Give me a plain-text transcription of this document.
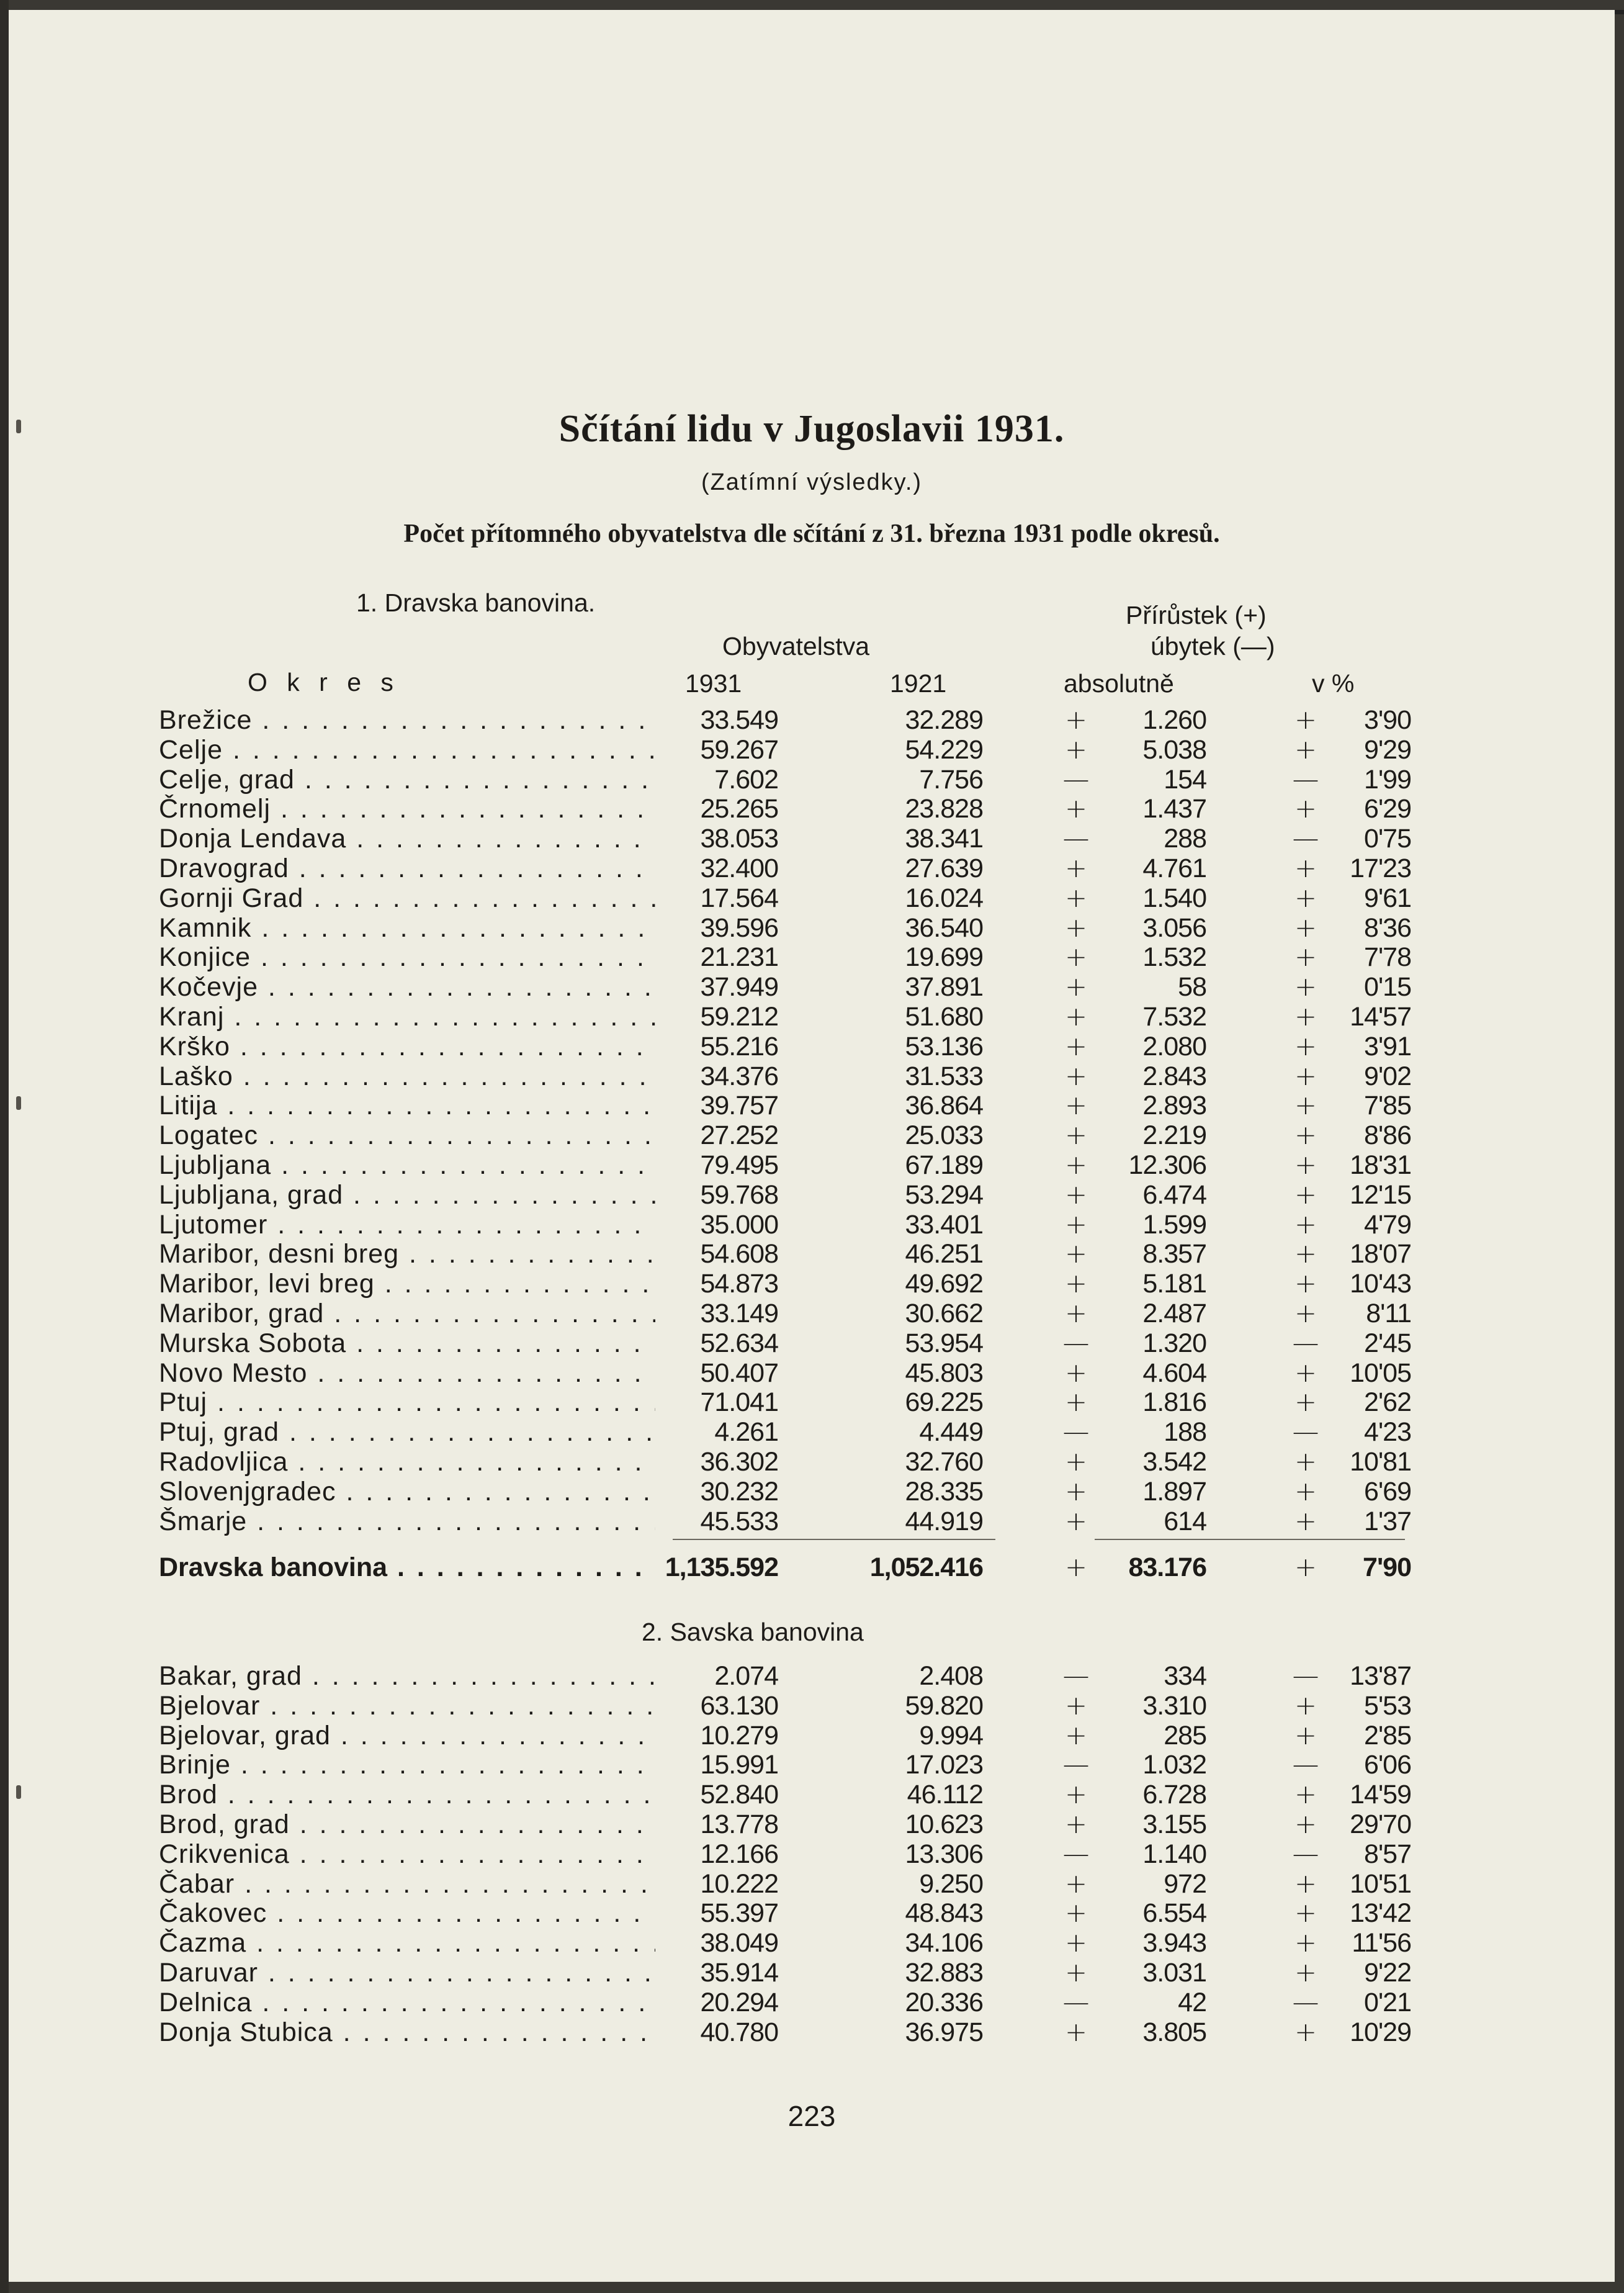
Sčítání lidu v Jugoslavii 1931.
(Zatímní výsledky.)
Počet přítomného obyvatelstva dle sčítání z 31. března 1931 podle okresů.
1. Dravska banovina.	Přírůstek (+)
Obyvatelstva	úbytek (—)
O k r e s	1931	1921	absolutně	v %
Brežice . . .	33.549	32.289	+	1.260	+	3'90
Celje . . .	59.267	54.229	+	5.038	+	9'29
Celje, grad . . .	7.602	7.756	—	154	—	1'99
Črnomelj . . .	25.265	23.828	+	1.437	+	6'29
Donja Lendava . . .	38.053	38.341	—	288	—	0'75
Dravograd . . .	32.400	27.639	+	4.761	+	17'23
Gornji Grad . . .	17.564	16.024	+	1.540	+	9'61
Kamnik . . .	39.596	36.540	+	3.056	+	8'36
Konjice . . .	21.231	19.699	+	1.532	+	7'78
Kočevje . . .	37.949	37.891	+	58	+	0'15
Kranj . . .	59.212	51.680	+	7.532	+	14'57
Krško . . .	55.216	53.136	+	2.080	+	3'91
Laško . . .	34.376	31.533	+	2.843	+	9'02
Litija . . .	39.757	36.864	+	2.893	+	7'85
Logatec . . .	27.252	25.033	+	2.219	+	8'86
Ljubljana . . .	79.495	67.189	+	12.306	+	18'31
Ljubljana, grad . . .	59.768	53.294	+	6.474	+	12'15
Ljutomer . . .	35.000	33.401	+	1.599	+	4'79
Maribor, desni breg . . .	54.608	46.251	+	8.357	+	18'07
Maribor, levi breg . . .	54.873	49.692	+	5.181	+	10'43
Maribor, grad . . .	33.149	30.662	+	2.487	+	8'11
Murska Sobota . . .	52.634	53.954	—	1.320	—	2'45
Novo Mesto . . .	50.407	45.803	+	4.604	+	10'05
Ptuj . . .	71.041	69.225	+	1.816	+	2'62
Ptuj, grad . . .	4.261	4.449	—	188	—	4'23
Radovljica . . .	36.302	32.760	+	3.542	+	10'81
Slovenjgradec . . .	30.232	28.335	+	1.897	+	6'69
Šmarje . . .	45.533	44.919	+	614	+	1'37
Dravska banovina . . .	1,135.592	1,052.416	+	83.176	+	7'90
2. Savska banovina
Bakar, grad . . .	2.074	2.408	—	334	—	13'87
Bjelovar . . .	63.130	59.820	+	3.310	+	5'53
Bjelovar, grad . . .	10.279	9.994	+	285	+	2'85
Brinje . . .	15.991	17.023	—	1.032	—	6'06
Brod . . .	52.840	46.112	+	6.728	+	14'59
Brod, grad . . .	13.778	10.623	+	3.155	+	29'70
Crikvenica . . .	12.166	13.306	—	1.140	—	8'57
Čabar . . .	10.222	9.250	+	972	+	10'51
Čakovec . . .	55.397	48.843	+	6.554	+	13'42
Čazma . . .	38.049	34.106	+	3.943	+	11'56
Daruvar . . .	35.914	32.883	+	3.031	+	9'22
Delnica . . .	20.294	20.336	—	42	—	0'21
Donja Stubica . . .	40.780	36.975	+	3.805	+	10'29
223
